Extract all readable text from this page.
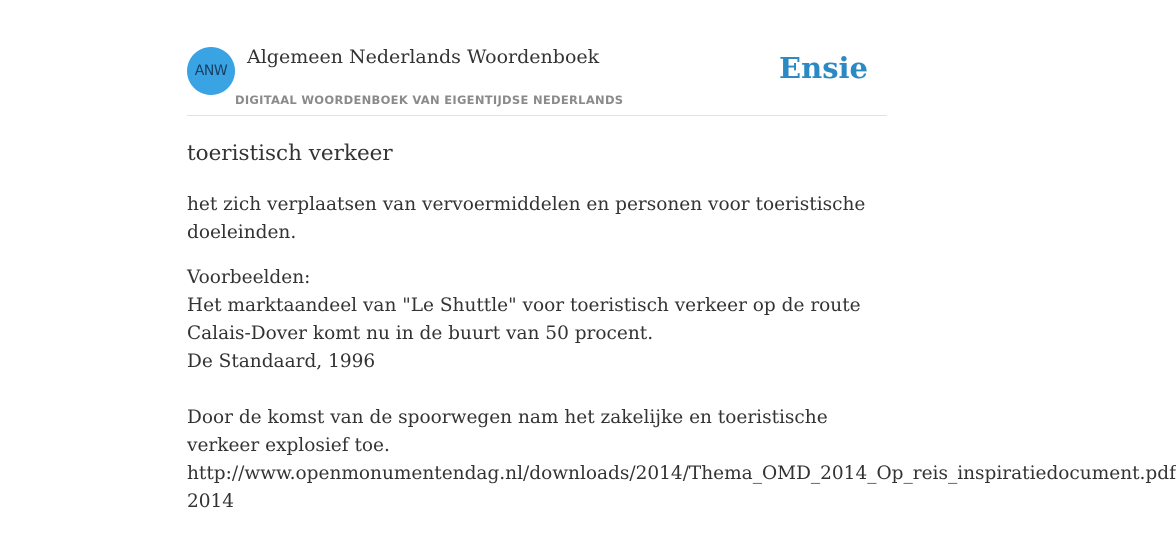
ANW
Algemeen Nederlands Woordenboek
DIGITAAL WOORDENBOEK VAN EIGENTIJDSE NEDERLANDS
Ensie
toeristisch verkeer

het zich verplaatsen van vervoermiddelen en personen voor toeristische doeleinden.

Voorbeelden:
Het marktaandeel van "Le Shuttle" voor toeristisch verkeer op de route Calais-Dover komt nu in de buurt van 50 procent.
De Standaard, 1996
Door de komst van de spoorwegen nam het zakelijke en toeristische verkeer explosief toe.
http://www.openmonumentendag.nl/downloads/2014/Thema_OMD_2014_Op_reis_inspiratiedocument.pdf
2014
